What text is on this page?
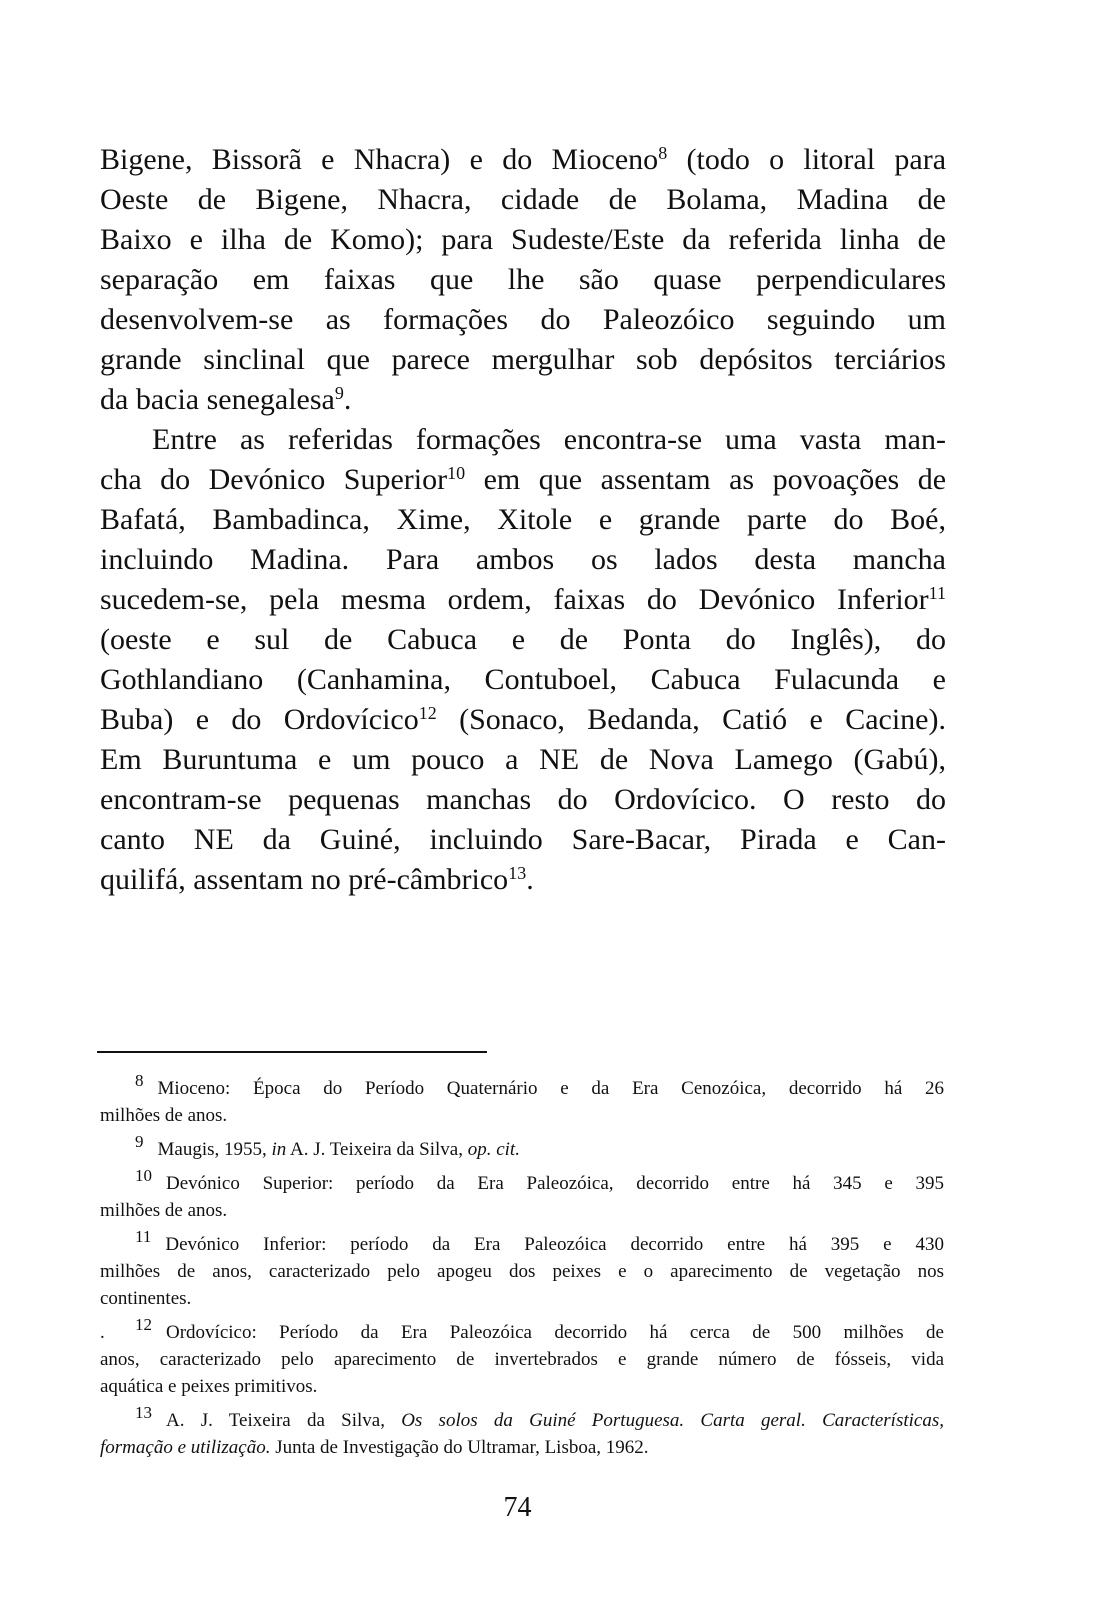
Bigene, Bissorã e Nhacra) e do Mioceno$^8$ (todo o litoral para
Oeste de Bigene, Nhacra, cidade de Bolama, Madina de
Baixo e ilha de Komo); para Sudeste/Este da referida linha de
separação em faixas que lhe são quase perpendiculares
desenvolvem-se as formações do Paleozóico seguindo um
grande sinclinal que parece mergulhar sob depósitos terciários
da bacia senegalesa$^9$.
Entre as referidas formações encontra-se uma vasta man-
cha do Devónico Superior$^{10}$ em que assentam as povoações de
Bafatá, Bambadinca, Xime, Xitole e grande parte do Boé,
incluindo Madina. Para ambos os lados desta mancha
sucedem-se, pela mesma ordem, faixas do Devónico Inferior$^{11}$
(oeste e sul de Cabuca e de Ponta do Inglês), do
Gothlandiano (Canhamina, Contuboel, Cabuca Fulacunda e
Buba) e do Ordovícico$^{12}$ (Sonaco, Bedanda, Catió e Cacine).
Em Buruntuma e um pouco a NE de Nova Lamego (Gabú),
encontram-se pequenas manchas do Ordovícico. O resto do
canto NE da Guiné, incluindo Sare-Bacar, Pirada e Can-
quilifá, assentam no pré-câmbrico$^{13}$.
8 Mioceno: Época do Período Quaternário e da Era Cenozóica, decorrido há 26
milhões de anos.
9 Maugis, 1955, in A. J. Teixeira da Silva, op. cit.
10 Devónico Superior: período da Era Paleozóica, decorrido entre há 345 e 395
milhões de anos.
11 Devónico Inferior: período da Era Paleozóica decorrido entre há 395 e 430
milhões de anos, caracterizado pelo apogeu dos peixes e o aparecimento de vegetação nos
continentes.
. 12 Ordovícico: Período da Era Paleozóica decorrido há cerca de 500 milhões de
anos, caracterizado pelo aparecimento de invertebrados e grande número de fósseis, vida
aquática e peixes primitivos.
13 A. J. Teixeira da Silva, Os solos da Guiné Portuguesa. Carta geral. Características,
formação e utilização. Junta de Investigação do Ultramar, Lisboa, 1962.
74
